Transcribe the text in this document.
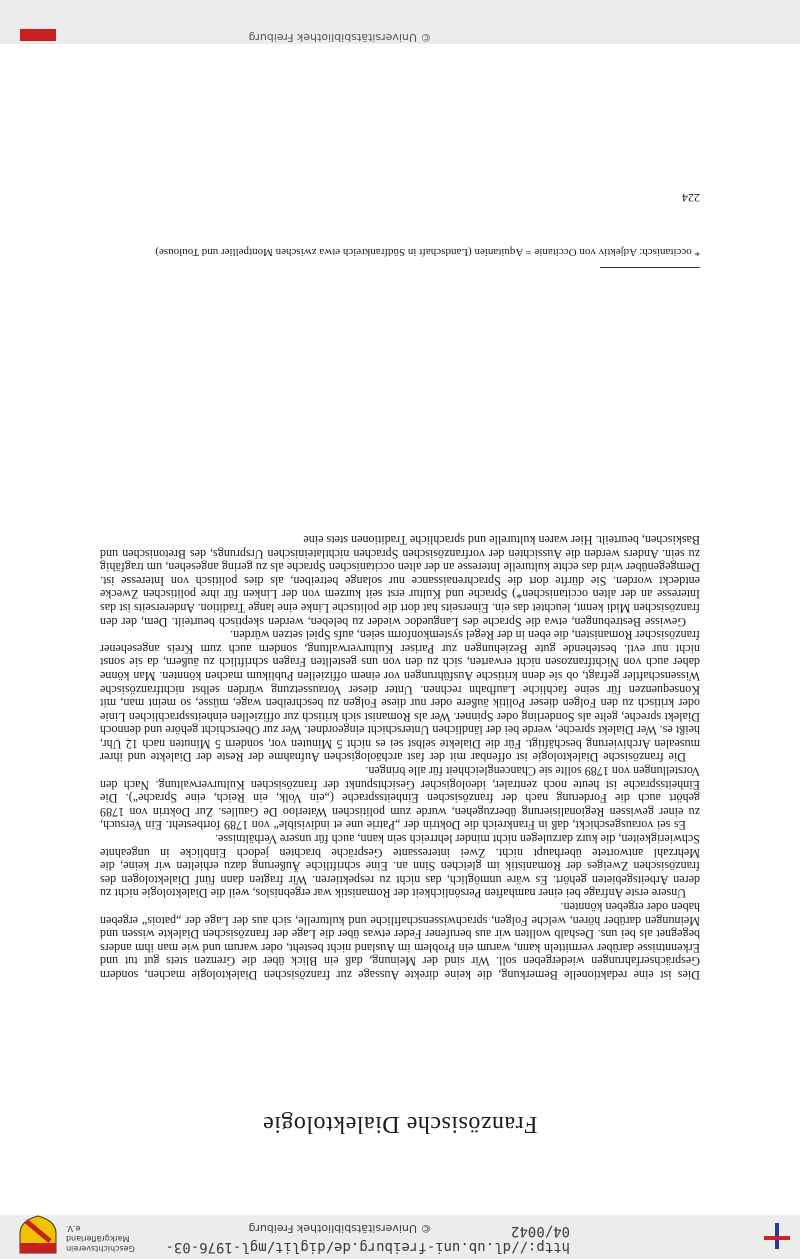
http://dl.ub.uni-freiburg.de/diglit/mgl-1976-03-04/0042
© Universitätsbibliothek Freiburg
Geschichtsverein Markgräflerland e.V.
Französische Dialektologie

Dies ist eine redaktionelle Bemerkung, die keine direkte Aussage zur französischen Dialektologie machen, sondern Gesprächserfahrungen wiedergeben soll. Wir sind der Meinung, daß ein Blick über die Grenzen stets gut tut und Erkenntnisse darüber vermitteln kann, warum ein Problem im Ausland nicht besteht, oder warum und wie man ihm anders begegnet als bei uns. Deshalb wollten wir aus berufener Feder etwas über die Lage der französischen Dialekte wissen und Meinungen darüber hören, welche Folgen, sprachwissenschaftliche und kulturelle, sich aus der Lage der „patois“ ergeben haben oder ergeben könnten.

Unsere erste Anfrage bei einer namhaften Persönlichkeit der Romanistik war ergebnislos, weil die Dialektologie nicht zu deren Arbeitsgebieten gehört. Es wäre unmöglich, das nicht zu respektieren. Wir fragten dann fünf Dialektologen des französischen Zweiges der Romanistik im gleichen Sinn an. Eine schriftliche Äußerung dazu erhielten wir keine, die Mehrzahl antwortete überhaupt nicht. Zwei interessante Gespräche brachten jedoch Einblicke in ungeahnte Schwierigkeiten, die kurz darzulegen nicht minder lehrreich sein kann, auch für unsere Verhältnisse.

Es sei vorausgeschickt, daß in Frankreich die Doktrin der „Patrie une et indivisible“ von 1789 fortbesteht. Ein Versuch, zu einer gewissen Regionalisierung überzugehen, wurde zum politischen Waterloo De Gaulles. Zur Doktrin von 1789 gehört auch die Forderung nach der französischen Einheitssprache („ein Volk, ein Reich, eine Sprache“). Die Einheitssprache ist heute noch zentraler, ideologischer Gesichtspunkt der französischen Kulturverwaltung. Nach den Vorstellungen von 1789 sollte sie Chancengleichheit für alle bringen.

Die französische Dialektologie ist offenbar mit der fast archäologischen Aufnahme der Reste der Dialekte und ihrer musealen Archivierung beschäftigt. Für die Dialekte selbst sei es nicht 5 Minuten vor, sondern 5 Minuten nach 12 Uhr, heißt es. Wer Dialekt spreche, werde bei der ländlichen Unterschicht eingeordnet. Wer zur Oberschicht gehöre und dennoch Dialekt spreche, gelte als Sonderling oder Spinner. Wer als Romanist sich kritisch zur offiziellen einheitssprachlichen Linie oder kritisch zu den Folgen dieser Politik äußere oder nur diese Folgen zu beschreiben wage, müsse, so meint man, mit Konsequenzen für seine fachliche Laufbahn rechnen. Unter dieser Voraussetzung würden selbst nichtfranzösische Wissenschaftler gefragt, ob sie denn kritische Ausführungen vor einem offiziellen Publikum machen könnten. Man könne daher auch von Nichtfranzosen nicht erwarten, sich zu den von uns gestellten Fragen schriftlich zu äußern, da sie sonst nicht nur evtl. bestehende gute Beziehungen zur Pariser Kulturverwaltung, sondern auch zum Kreis angesehener französischer Romanisten, die eben in der Regel systemkonform seien, aufs Spiel setzen würden.

Gewisse Bestrebungen, etwa die Sprache des Languedoc wieder zu beleben, werden skeptisch beurteilt. Dem, der den französischen Midi kennt, leuchtet das ein. Einerseits hat dort die politische Linke eine lange Tradition. Andererseits ist das Interesse an der alten occitanischen*) Sprache und Kultur erst seit kurzem von der Linken für ihre politischen Zwecke entdeckt worden. Sie dürfte dort die Sprachrenaissance nur solange betreiben, als dies politisch von Interesse ist. Demgegenüber wird das echte kulturelle Interesse an der alten occitanischen Sprache als zu gering angesehen, um tragfähig zu sein. Anders werden die Aussichten der vorfranzösischen Sprachen nichtlateinischen Ursprungs, des Bretonischen und Baskischen, beurteilt. Hier waren kulturelle und sprachliche Traditionen stets eine

* occitanisch: Adjektiv von Occitanie = Aquitanien (Landschaft in Südfrankreich etwa zwischen Montpellier und Toulouse)
224
© Universitätsbibliothek Freiburg
